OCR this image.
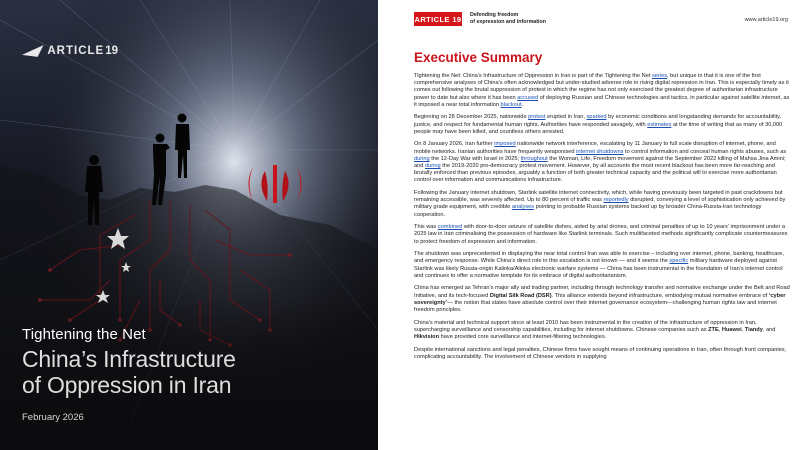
ARTICLE 19
Tightening the Net
China’s Infrastructure
of Oppression in Iran
February 2026
ARTICLE 19 Defending freedom
of expression and information	www.article19.org
Executive Summary

Tightening the Net: China’s Infrastructure of Oppression in Iran is part of the Tightening the Net series, but unique in that it is one of the first comprehensive analyses of China’s often acknowledged but under-studied adverse role in rising digital repression in Iran. This is especially timely as it comes out following the brutal suppression of protest in which the regime has not only exercised the greatest degree of authoritarian infrastructure power to date but also where it has been accused of deploying Russian and Chinese technologies and tactics, in particular against satellite internet, as it imposed a near total information blackout.

Beginning on 28 December 2025, nationwide protest erupted in Iran, sparked by economic conditions and longstanding demands for accountability, justice, and respect for fundamental human rights. Authorities have responded savagely, with estimates at the time of writing that as many of 30,000 people may have been killed, and countless others arrested.

On 8 January 2026, Iran further imposed nationwide network interference, escalating by 11 January to full scale disruption of internet, phone, and mobile networks. Iranian authorities have frequently weaponised internet shutdowns to control information and conceal human rights abuses, such as during the 12-Day War with Israel in 2025; throughout the Woman, Life, Freedom movement against the September 2022 killing of Mahsa Jina Amini; and during the 2019-2020 pro-democracy protest movement. However, by all accounts the most recent blackout has been more far-reaching and brutally enforced than previous episodes, arguably a function of both greater technical capacity and the political will to exercise more authoritarian control over information and communications infrastructure.

Following the January internet shutdown, Starlink satellite internet connectivity, which, while having previously been targeted in past crackdowns but remaining accessible, was severely affected. Up to 80 percent of traffic was reportedly disrupted, conveying a level of sophistication only achieved by military grade equipment, with credible analyses pointing to probable Russian systems backed up by broader China-Russia-Iran technology cooperation.

This was combined with door-to-door seizure of satellite dishes, aided by arial drones, and criminal penalties of up to 10 years’ imprisonment under a 2025 law in Iran criminalising the possession of hardware like Starlink terminals. Such multifaceted methods significantly complicate countermeasures to protect freedom of expression and information.

The shutdown was unprecedented in displaying the near total control Iran was able to exercise – including over internet, phone, banking, healthcare, and emergency response. While China’s direct role in this escalation is not known — and it seems the specific military hardware deployed against Starlink was likely Russia-origin Kalinka/Alinka electronic warfare systems — China has been instrumental in the foundation of Iran’s internet control and continues to offer a normative template for its embrace of digital authoritarianism.

China has emerged as Tehran’s major ally and trading partner, including through technology transfer and normative exchange under the Belt and Road Initiative, and its tech-focused Digital Silk Road (DSR). This alliance extends beyond infrastructure, embodying mutual normative embrace of ‘cyber sovereignty’— the notion that states have absolute control over their internet governance ecosystem—challenging human rights law and internet freedom principles.

China’s material and technical support since at least 2010 has been instrumental in the creation of the infrastructure of oppression in Iran, supercharging surveillance and censorship capabilities, including for internet shutdowns. Chinese companies such as ZTE, Huawei, Tiandy, and Hikvision have provided core surveillance and internet-filtering technologies.

Despite international sanctions and legal penalties, Chinese firms have sought means of continuing operations in Iran, often through front companies, complicating accountability. The involvement of Chinese vendors in supplying
